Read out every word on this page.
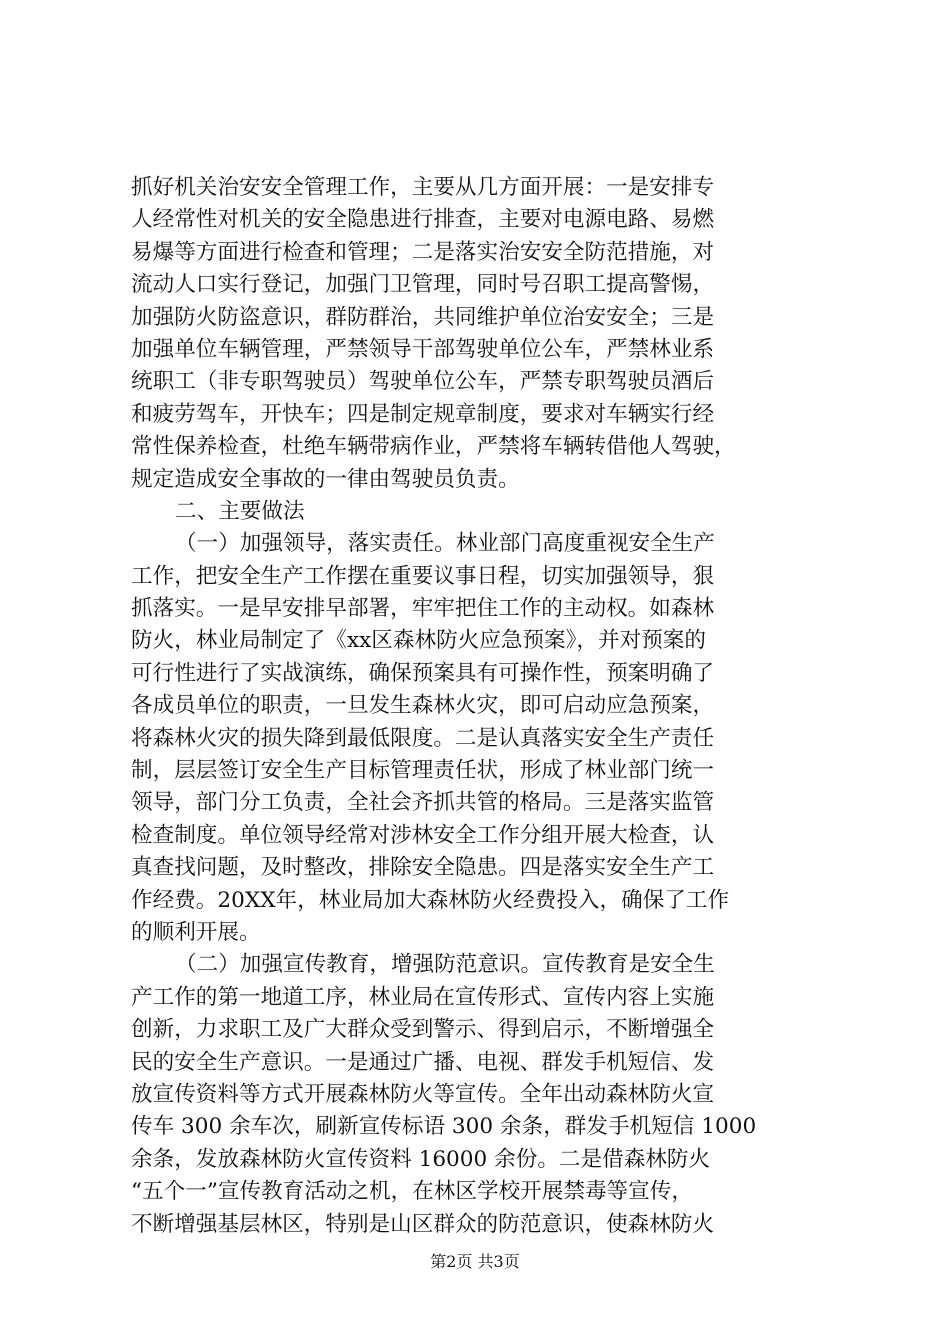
抓好机关治安安全管理工作，主要从几方面开展：一是安排专
人经常性对机关的安全隐患进行排查，主要对电源电路、易燃
易爆等方面进行检查和管理；二是落实治安安全防范措施，对
流动人口实行登记，加强门卫管理，同时号召职工提高警惕，
加强防火防盗意识，群防群治，共同维护单位治安安全；三是
加强单位车辆管理，严禁领导干部驾驶单位公车，严禁林业系
统职工（非专职驾驶员）驾驶单位公车，严禁专职驾驶员酒后
和疲劳驾车，开快车；四是制定规章制度，要求对车辆实行经
常性保养检查，杜绝车辆带病作业，严禁将车辆转借他人驾驶，
规定造成安全事故的一律由驾驶员负责。
二、主要做法
（一）加强领导，落实责任。林业部门高度重视安全生产
工作，把安全生产工作摆在重要议事日程，切实加强领导，狠
抓落实。一是早安排早部署，牢牢把住工作的主动权。如森林
防火，林业局制定了《xx区森林防火应急预案》，并对预案的
可行性进行了实战演练，确保预案具有可操作性，预案明确了
各成员单位的职责，一旦发生森林火灾，即可启动应急预案，
将森林火灾的损失降到最低限度。二是认真落实安全生产责任
制，层层签订安全生产目标管理责任状，形成了林业部门统一
领导，部门分工负责，全社会齐抓共管的格局。三是落实监管
检查制度。单位领导经常对涉林安全工作分组开展大检查，认
真查找问题，及时整改，排除安全隐患。四是落实安全生产工
作经费。20XX年，林业局加大森林防火经费投入，确保了工作
的顺利开展。
（二）加强宣传教育，增强防范意识。宣传教育是安全生
产工作的第一地道工序，林业局在宣传形式、宣传内容上实施
创新，力求职工及广大群众受到警示、得到启示，不断增强全
民的安全生产意识。一是通过广播、电视、群发手机短信、发
放宣传资料等方式开展森林防火等宣传。全年出动森林防火宣
传车 300 余车次，刷新宣传标语 300 余条，群发手机短信 1000
余条，发放森林防火宣传资料 16000 余份。二是借森林防火
“五个一”宣传教育活动之机，在林区学校开展禁毒等宣传，
不断增强基层林区，特别是山区群众的防范意识，使森林防火
第2页 共3页
